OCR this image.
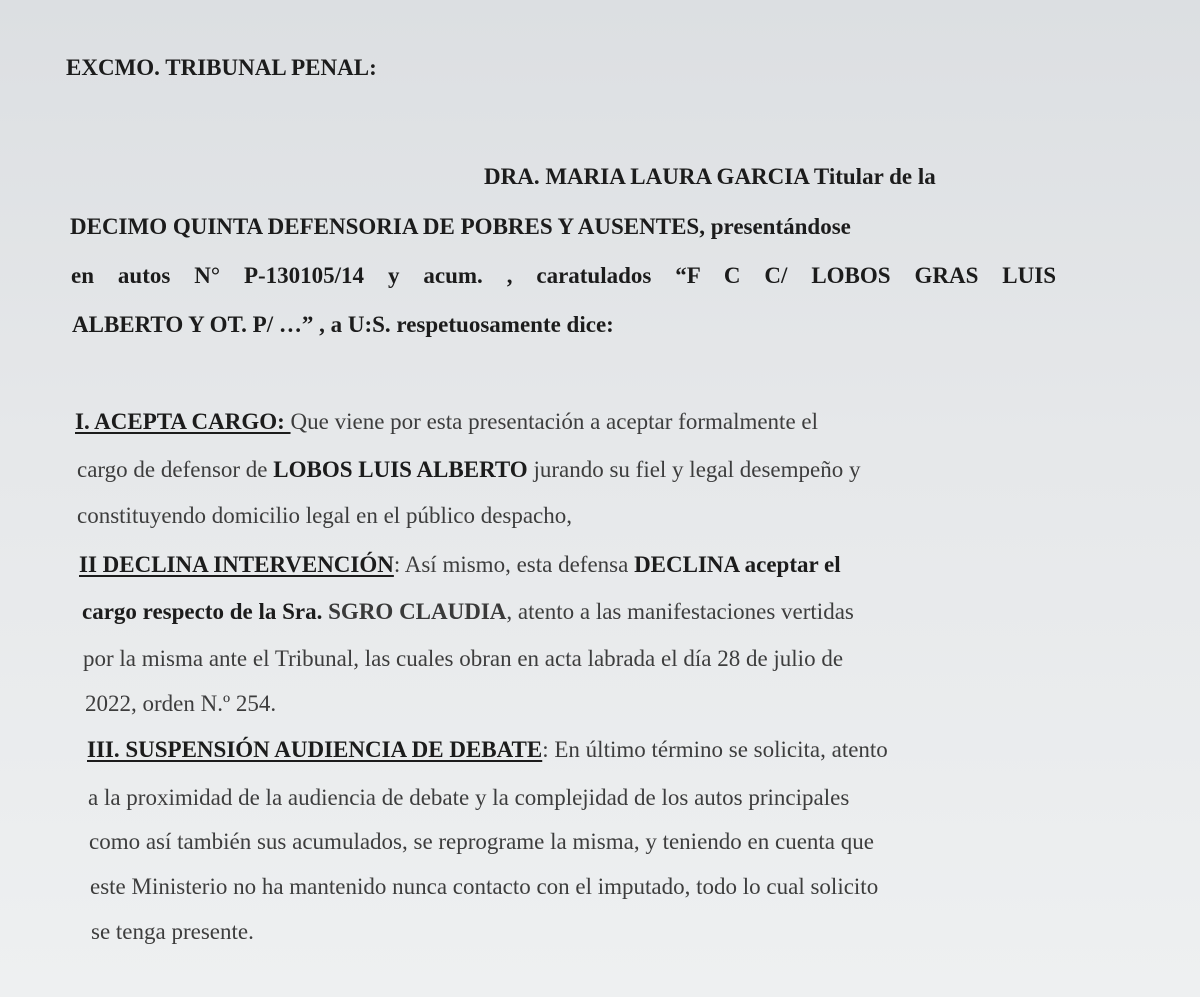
EXCMO. TRIBUNAL PENAL:
DRA. MARIA LAURA GARCIA Titular de la
DECIMO QUINTA DEFENSORIA DE POBRES Y AUSENTES, presentándose
en autos N° P-130105/14 y acum. , caratulados “F C C/ LOBOS GRAS LUIS
ALBERTO Y OT. P/ …” , a U:S. respetuosamente dice:
I. ACEPTA CARGO: Que viene por esta presentación a aceptar formalmente el
cargo de defensor de LOBOS LUIS ALBERTO jurando su fiel y legal desempeño y
constituyendo domicilio legal en el público despacho,
II DECLINA INTERVENCIÓN: Así mismo, esta defensa DECLINA aceptar el
cargo respecto de la Sra. SGRO CLAUDIA, atento a las manifestaciones vertidas
por la misma ante el Tribunal, las cuales obran en acta labrada el día 28 de julio de
2022, orden N.º 254.
III. SUSPENSIÓN AUDIENCIA DE DEBATE: En último término se solicita, atento
a la proximidad de la audiencia de debate y la complejidad de los autos principales
como así también sus acumulados, se reprograme la misma, y teniendo en cuenta que
este Ministerio no ha mantenido nunca contacto con el imputado, todo lo cual solicito
se tenga presente.
